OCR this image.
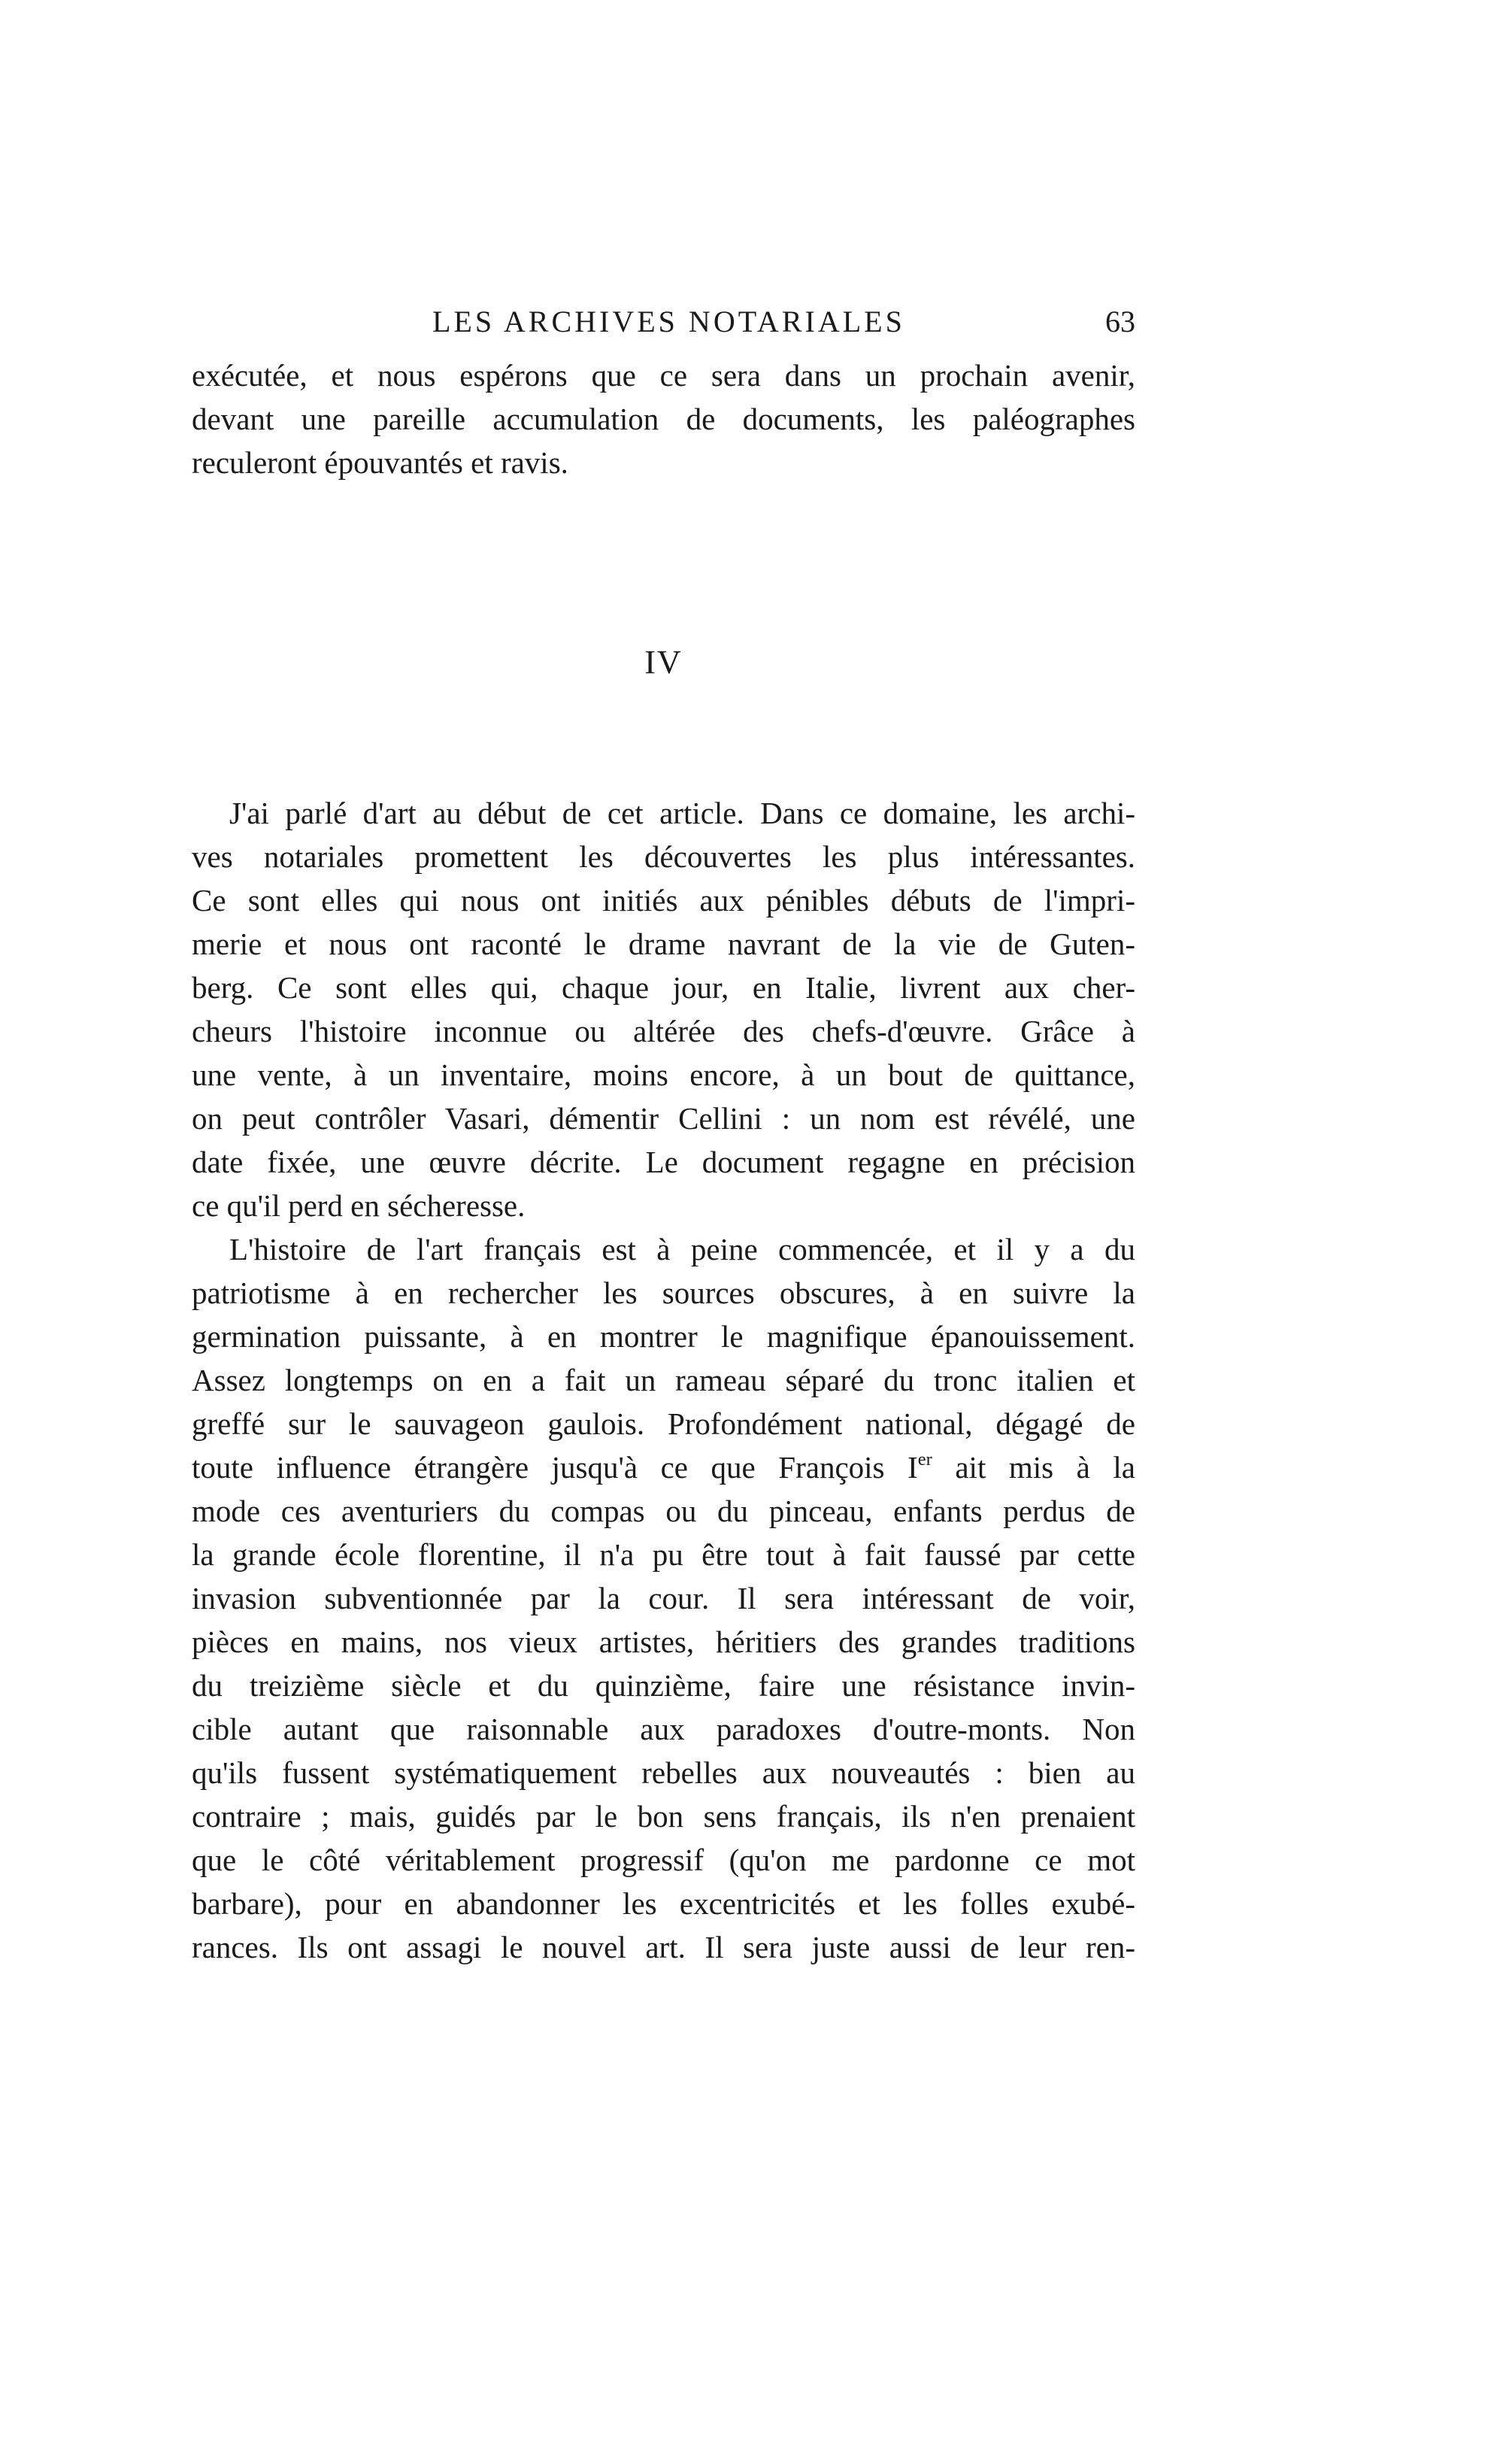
LES ARCHIVES NOTARIALES	63
exécutée, et nous espérons que ce sera dans un prochain avenir,
devant une pareille accumulation de documents, les paléographes
reculeront épouvantés et ravis.
IV
J'ai parlé d'art au début de cet article. Dans ce domaine, les archi-
ves notariales promettent les découvertes les plus intéressantes.
Ce sont elles qui nous ont initiés aux pénibles débuts de l'impri-
merie et nous ont raconté le drame navrant de la vie de Guten-
berg. Ce sont elles qui, chaque jour, en Italie, livrent aux cher-
cheurs l'histoire inconnue ou altérée des chefs-d'œuvre. Grâce à
une vente, à un inventaire, moins encore, à un bout de quittance,
on peut contrôler Vasari, démentir Cellini : un nom est révélé, une
date fixée, une œuvre décrite. Le document regagne en précision
ce qu'il perd en sécheresse.
L'histoire de l'art français est à peine commencée, et il y a du
patriotisme à en rechercher les sources obscures, à en suivre la
germination puissante, à en montrer le magnifique épanouissement.
Assez longtemps on en a fait un rameau séparé du tronc italien et
greffé sur le sauvageon gaulois. Profondément national, dégagé de
toute influence étrangère jusqu'à ce que François Ier ait mis à la
mode ces aventuriers du compas ou du pinceau, enfants perdus de
la grande école florentine, il n'a pu être tout à fait faussé par cette
invasion subventionnée par la cour. Il sera intéressant de voir,
pièces en mains, nos vieux artistes, héritiers des grandes traditions
du treizième siècle et du quinzième, faire une résistance invin-
cible autant que raisonnable aux paradoxes d'outre-monts. Non
qu'ils fussent systématiquement rebelles aux nouveautés : bien au
contraire ; mais, guidés par le bon sens français, ils n'en prenaient
que le côté véritablement progressif (qu'on me pardonne ce mot
barbare), pour en abandonner les excentricités et les folles exubé-
rances. Ils ont assagi le nouvel art. Il sera juste aussi de leur ren-
